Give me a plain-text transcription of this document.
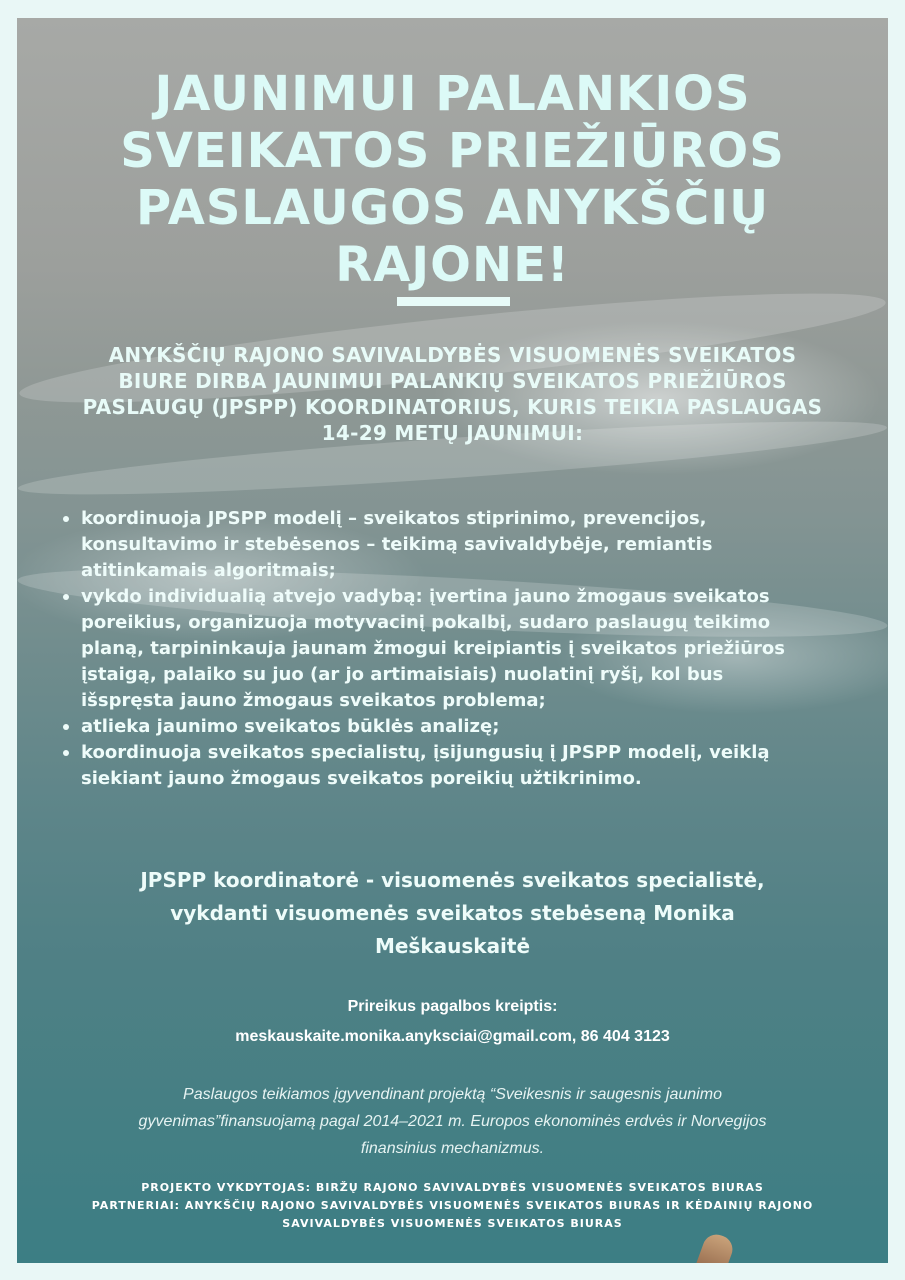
JAUNIMUI PALANKIOS
SVEIKATOS PRIEŽIŪROS
PASLAUGOS ANYKŠČIŲ
RAJONE!

ANYKŠČIŲ RAJONO SAVIVALDYBĖS VISUOMENĖS SVEIKATOS
BIURE DIRBA JAUNIMUI PALANKIŲ SVEIKATOS PRIEŽIŪROS
PASLAUGŲ (JPSPP) KOORDINATORIUS, KURIS TEIKIA PASLAUGAS
14-29 METŲ JAUNIMUI:

koordinuoja JPSPP modelį – sveikatos stiprinimo, prevencijos,
konsultavimo ir stebėsenos – teikimą savivaldybėje, remiantis
atitinkamais algoritmais;
vykdo individualią atvejo vadybą: įvertina jauno žmogaus sveikatos
poreikius, organizuoja motyvacinį pokalbį, sudaro paslaugų teikimo
planą, tarpininkauja jaunam žmogui kreipiantis į sveikatos priežiūros
įstaigą, palaiko su juo (ar jo artimaisiais) nuolatinį ryšį, kol bus
išspręsta jauno žmogaus sveikatos problema;
atlieka jaunimo sveikatos būklės analizę;
koordinuoja sveikatos specialistų, įsijungusių į JPSPP modelį, veiklą
siekiant jauno žmogaus sveikatos poreikių užtikrinimo.

JPSPP koordinatorė - visuomenės sveikatos specialistė,
vykdanti visuomenės sveikatos stebėseną Monika
Meškauskaitė

Prireikus pagalbos kreiptis:
meskauskaite.monika.anyksciai@gmail.com, 86 404 3123

Paslaugos teikiamos įgyvendinant projektą “Sveikesnis ir saugesnis jaunimo
gyvenimas”finansuojamą pagal 2014–2021 m. Europos ekonominės erdvės ir Norvegijos
finansinius mechanizmus.

PROJEKTO VYKDYTOJAS: BIRŽŲ RAJONO SAVIVALDYBĖS VISUOMENĖS SVEIKATOS BIURAS
PARTNERIAI: ANYKŠČIŲ RAJONO SAVIVALDYBĖS VISUOMENĖS SVEIKATOS BIURAS IR KĖDAINIŲ RAJONO
SAVIVALDYBĖS VISUOMENĖS SVEIKATOS BIURAS
